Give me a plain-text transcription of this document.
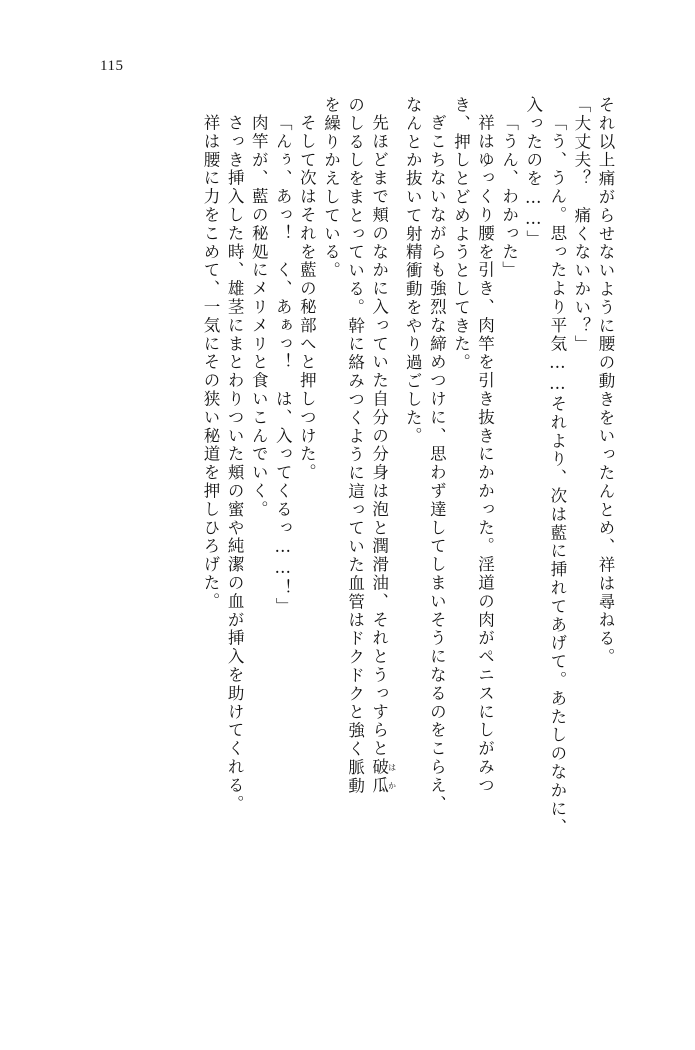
115
それ以上痛がらせないように腰の動きをいったんとめ、祥は尋ねる。
「大丈夫？　痛くないかい？」
「う、うん。思ったより平気……それより、次は藍に挿れてあげて。あたしのなかに、
入ったのを……」
「うん、わかった」
祥はゆっくり腰を引き、肉竿を引き抜きにかかった。淫道の肉がペニスにしがみつ
き、押しとどめようとしてきた。
ぎこちないながらも強烈な締めつけに、思わず達してしまいそうになるのをこらえ、
なんとか抜いて射精衝動をやり過ごした。
先ほどまで頬のなかに入っていた自分の分身は泡と潤滑油、それとうっすらと破瓜 はか
のしるしをまとっている。幹に絡みつくように這っていた血管はドクドクと強く脈動
を繰りかえしている。
そして次はそれを藍の秘部へと押しつけた。
「んぅ、あっ！　く、あぁっ！　は、入ってくるっ……！」
肉竿が、藍の秘処にメリメリと食いこんでいく。
さっき挿入した時、雄茎にまとわりついた頬の蜜や純潔の血が挿入を助けてくれる。
祥は腰に力をこめて、一気にその狭い秘道を押しひろげた。
